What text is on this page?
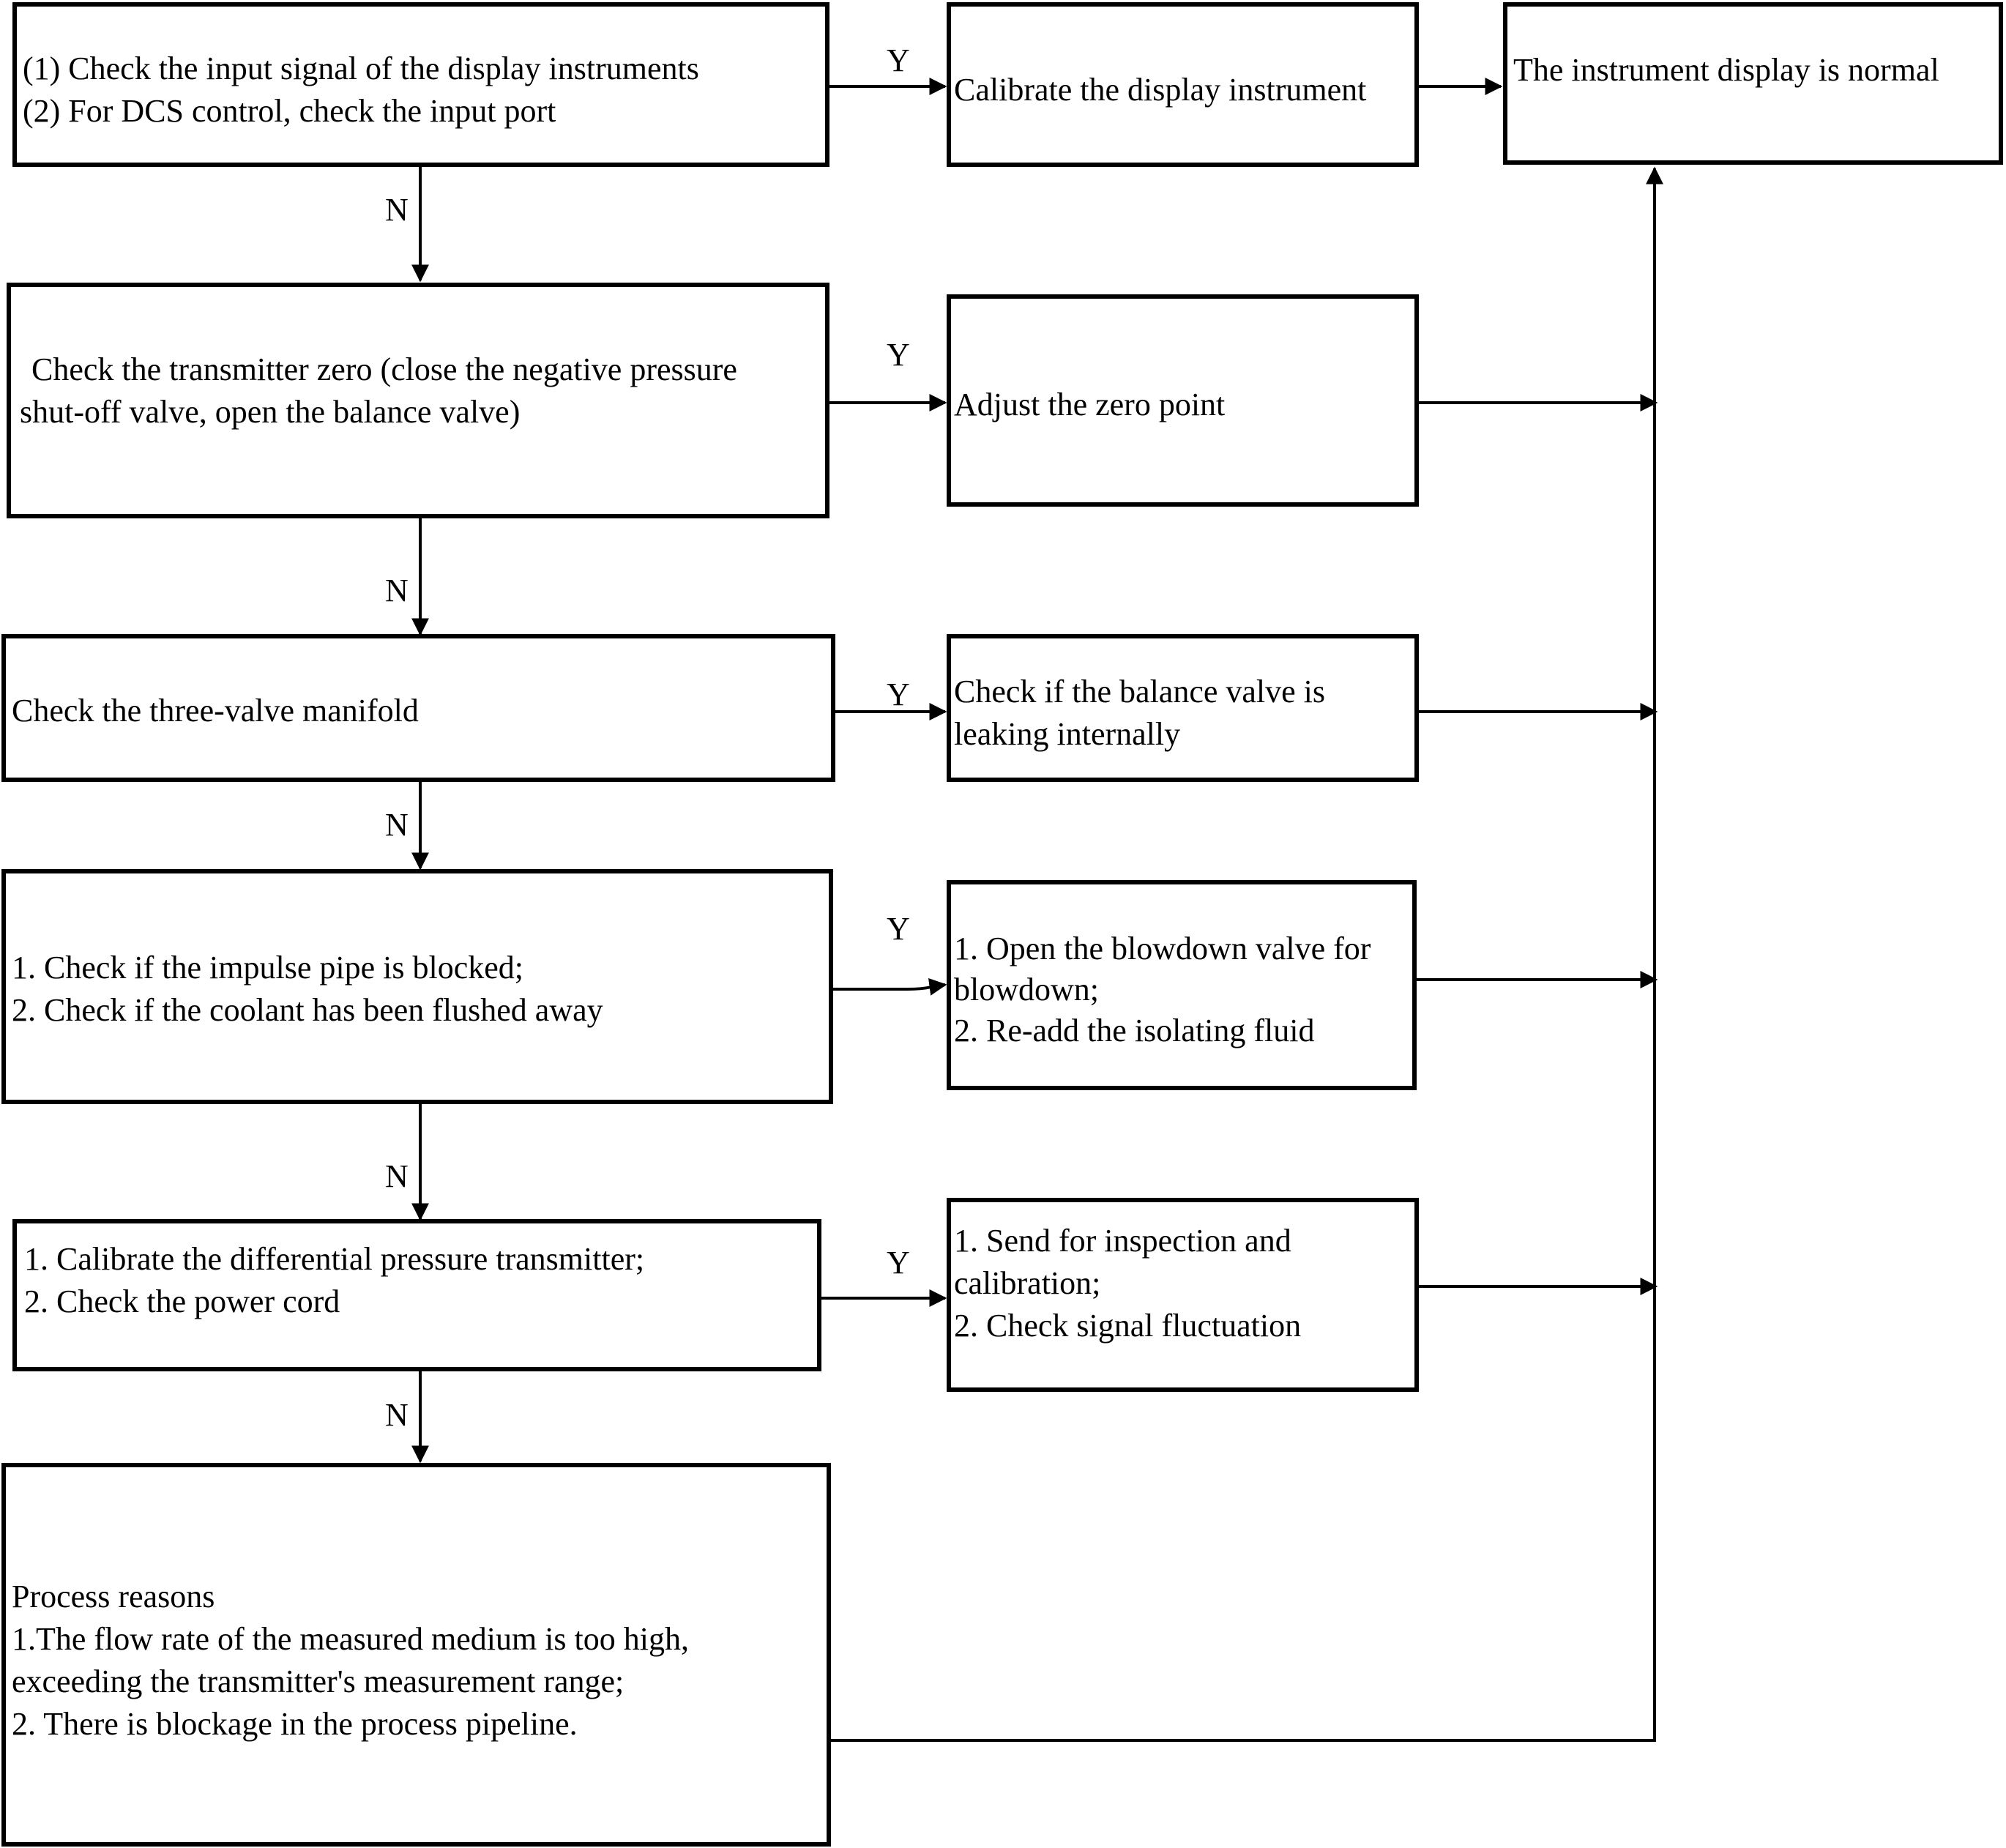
(1) Check the input signal of the display instruments
(2) For DCS control, check the input port
Check the transmitter zero (close the negative pressure
shut-off valve, open the balance valve)
Check the three-valve manifold
1. Check if the impulse pipe is blocked;
2. Check if the coolant has been flushed away
1. Calibrate the differential pressure transmitter;
2. Check the power cord
Process reasons
1.The flow rate of the measured medium is too high,
exceeding the transmitter's measurement range;
2. There is blockage in the process pipeline.
Calibrate the display instrument
Adjust the zero point
Check if the balance valve is
leaking internally
1. Open the blowdown valve for
blowdown;
2. Re-add the isolating fluid
1. Send for inspection and
calibration;
2. Check signal fluctuation
The instrument display is normal
Y
Y
Y
Y
Y
N
N
N
N
N
